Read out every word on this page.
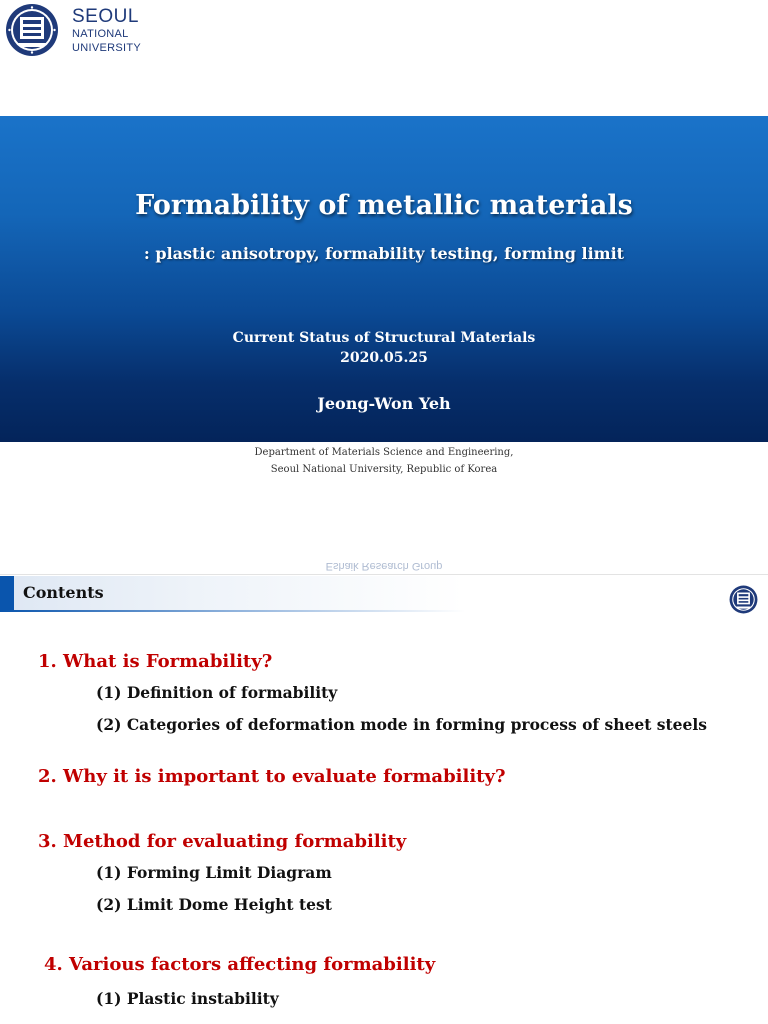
SEOUL
NATIONAL
UNIVERSITY
Formability of metallic materials
: plastic anisotropy, formability testing, forming limit
Current Status of Structural Materials
2020.05.25
Jeong-Won Yeh
Department of Materials Science and Engineering,
Seoul National University, Republic of Korea
Eshaik Research Group
Contents
1. What is Formability?
(1) Definition of formability
(2) Categories of deformation mode in forming process of sheet steels
2. Why it is important to evaluate formability?
3. Method for evaluating formability
(1) Forming Limit Diagram
(2) Limit Dome Height test
4. Various factors affecting formability
(1) Plastic instability
